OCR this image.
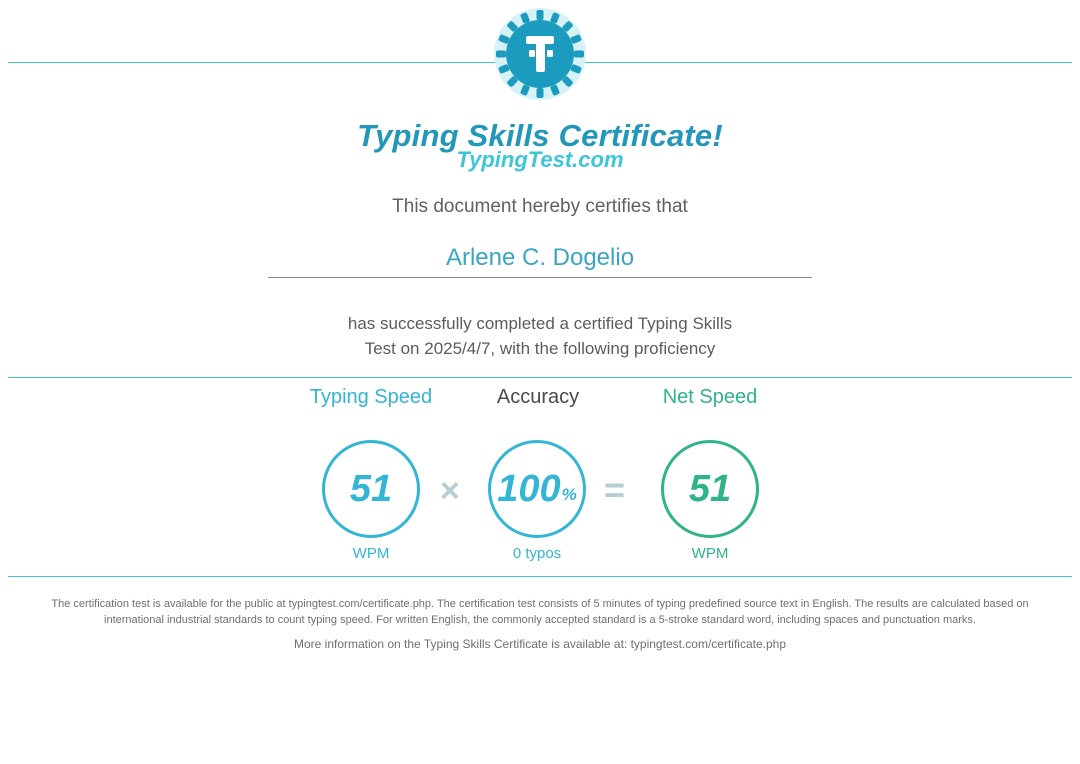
Typing Skills Certificate!
TypingTest.com
This document hereby certifies that
Arlene C. Dogelio
has successfully completed a certified Typing Skills
Test on 2025/4/7, with the following proficiency
Typing Speed	Accuracy	Net Speed
51 × 100 % = 51
WPM	0 typos	WPM
The certification test is available for the public at typingtest.com/certificate.php. The certification test consists of 5 minutes of typing predefined source text in English. The results are calculated based on international industrial standards to count typing speed. For written English, the commonly accepted standard is a 5-stroke standard word, including spaces and punctuation marks.
More information on the Typing Skills Certificate is available at: typingtest.com/certificate.php
